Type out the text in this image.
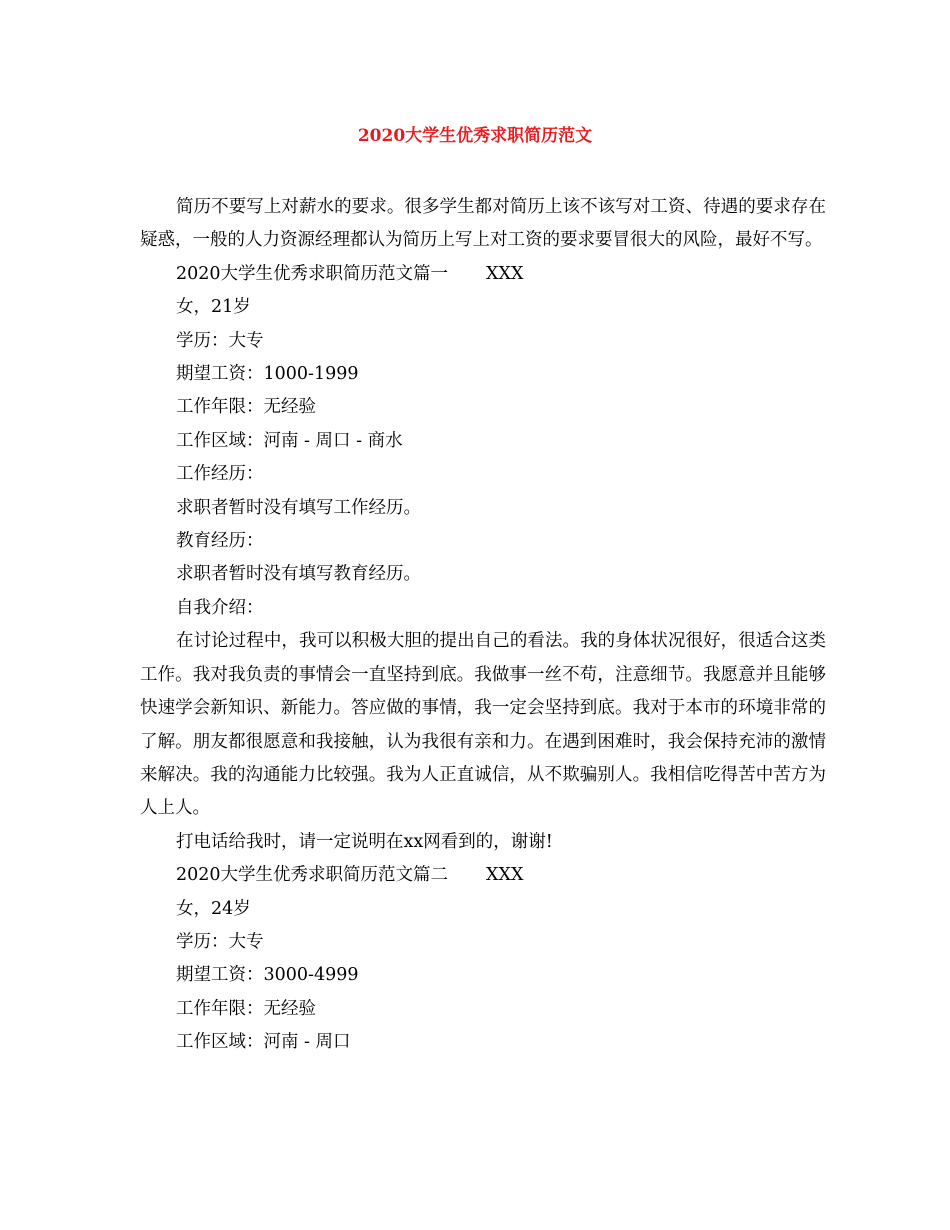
2020大学生优秀求职简历范文

简历不要写上对薪水的要求。很多学生都对简历上该不该写对工资、待遇的要求存在疑惑，一般的人力资源经理都认为简历上写上对工资的要求要冒很大的风险，最好不写。

2020大学生优秀求职简历范文篇一 XXX

女，21岁

学历：大专

期望工资：1000-1999

工作年限：无经验

工作区域：河南 - 周口 - 商水

工作经历：

求职者暂时没有填写工作经历。

教育经历：

求职者暂时没有填写教育经历。

自我介绍：

在讨论过程中，我可以积极大胆的提出自己的看法。我的身体状况很好，很适合这类工作。我对我负责的事情会一直坚持到底。我做事一丝不苟，注意细节。我愿意并且能够快速学会新知识、新能力。答应做的事情，我一定会坚持到底。我对于本市的环境非常的了解。朋友都很愿意和我接触，认为我很有亲和力。在遇到困难时，我会保持充沛的激情来解决。我的沟通能力比较强。我为人正直诚信，从不欺骗别人。我相信吃得苦中苦方为人上人。

打电话给我时，请一定说明在xx网看到的，谢谢!

2020大学生优秀求职简历范文篇二 XXX

女，24岁

学历：大专

期望工资：3000-4999

工作年限：无经验

工作区域：河南 - 周口
